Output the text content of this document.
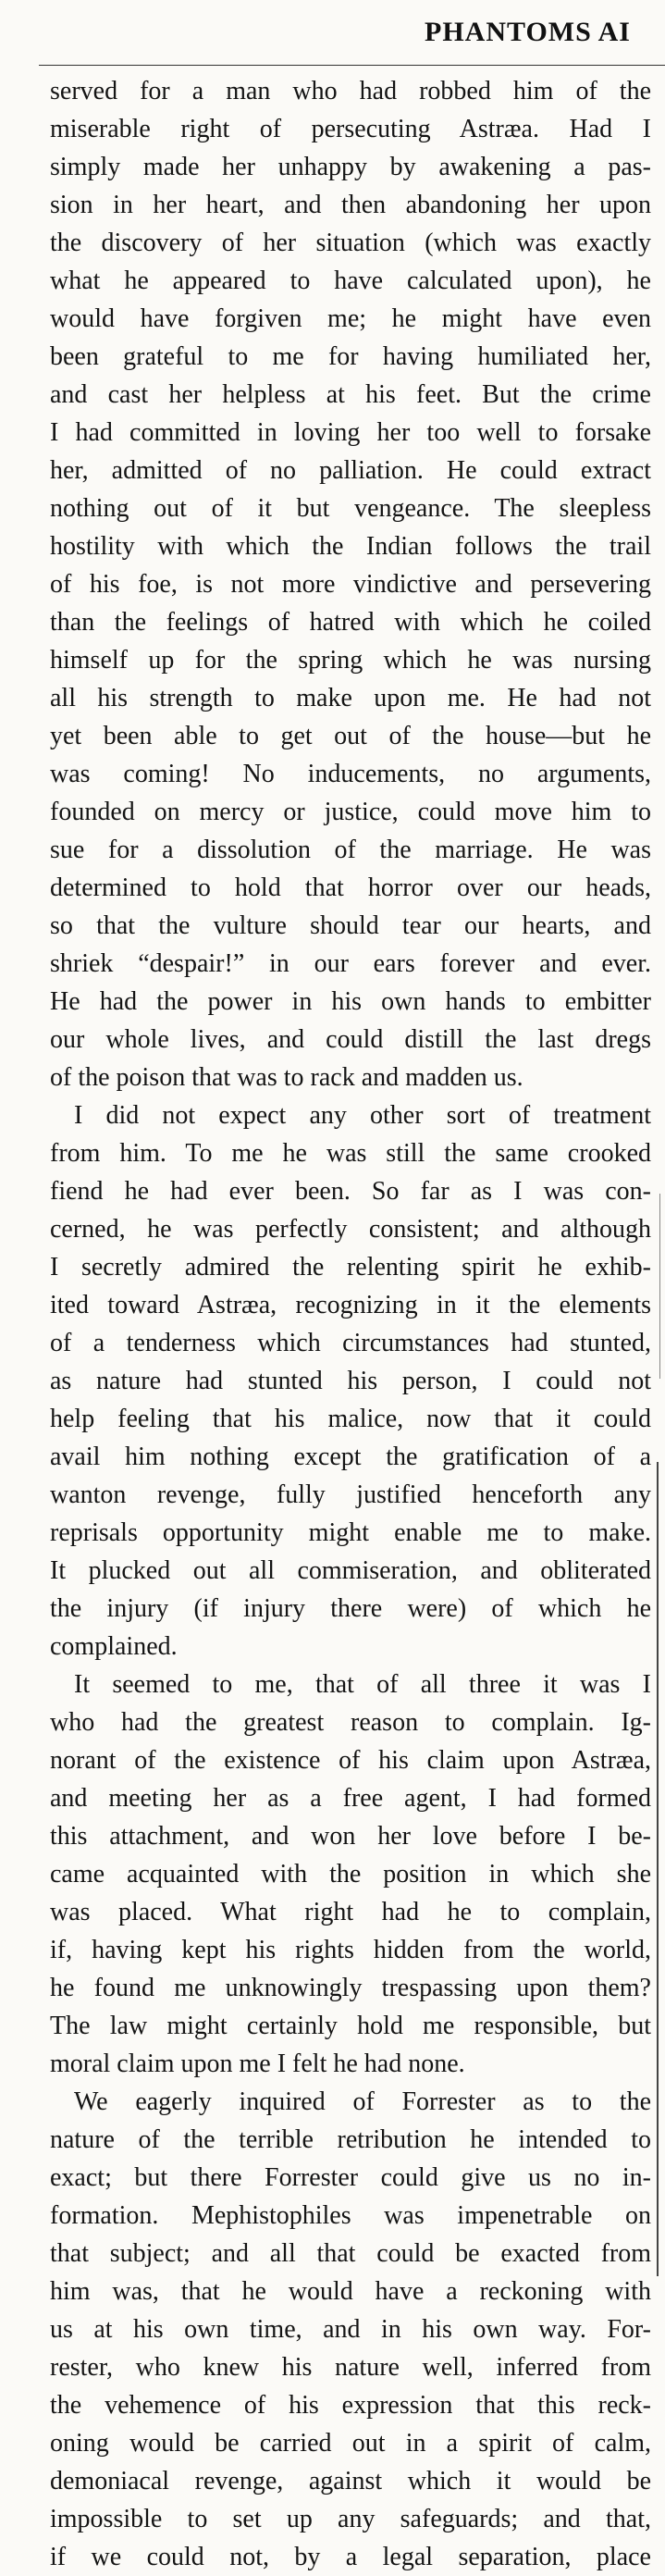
PHANTOMS AI
served for a man who had robbed him of the
miserable right of persecuting Astræa. Had I
simply made her unhappy by awakening a pas-
sion in her heart, and then abandoning her upon
the discovery of her situation (which was exactly
what he appeared to have calculated upon), he
would have forgiven me; he might have even
been grateful to me for having humiliated her,
and cast her helpless at his feet. But the crime
I had committed in loving her too well to forsake
her, admitted of no palliation. He could extract
nothing out of it but vengeance. The sleepless
hostility with which the Indian follows the trail
of his foe, is not more vindictive and persevering
than the feelings of hatred with which he coiled
himself up for the spring which he was nursing
all his strength to make upon me. He had not
yet been able to get out of the house—but he
was coming! No inducements, no arguments,
founded on mercy or justice, could move him to
sue for a dissolution of the marriage. He was
determined to hold that horror over our heads,
so that the vulture should tear our hearts, and
shriek “despair!” in our ears forever and ever.
He had the power in his own hands to embitter
our whole lives, and could distill the last dregs
of the poison that was to rack and madden us.
I did not expect any other sort of treatment
from him. To me he was still the same crooked
fiend he had ever been. So far as I was con-
cerned, he was perfectly consistent; and although
I secretly admired the relenting spirit he exhib-
ited toward Astræa, recognizing in it the elements
of a tenderness which circumstances had stunted,
as nature had stunted his person, I could not
help feeling that his malice, now that it could
avail him nothing except the gratification of a
wanton revenge, fully justified henceforth any
reprisals opportunity might enable me to make.
It plucked out all commiseration, and obliterated
the injury (if injury there were) of which he
complained.
It seemed to me, that of all three it was I
who had the greatest reason to complain. Ig-
norant of the existence of his claim upon Astræa,
and meeting her as a free agent, I had formed
this attachment, and won her love before I be-
came acquainted with the position in which she
was placed. What right had he to complain,
if, having kept his rights hidden from the world,
he found me unknowingly trespassing upon them?
The law might certainly hold me responsible, but
moral claim upon me I felt he had none.
We eagerly inquired of Forrester as to the
nature of the terrible retribution he intended to
exact; but there Forrester could give us no in-
formation. Mephistophiles was impenetrable on
that subject; and all that could be exacted from
him was, that he would have a reckoning with
us at his own time, and in his own way. For-
rester, who knew his nature well, inferred from
the vehemence of his expression that this reck-
oning would be carried out in a spirit of calm,
demoniacal revenge, against which it would be
impossible to set up any safeguards; and that,
if we could not, by a legal separation, place
